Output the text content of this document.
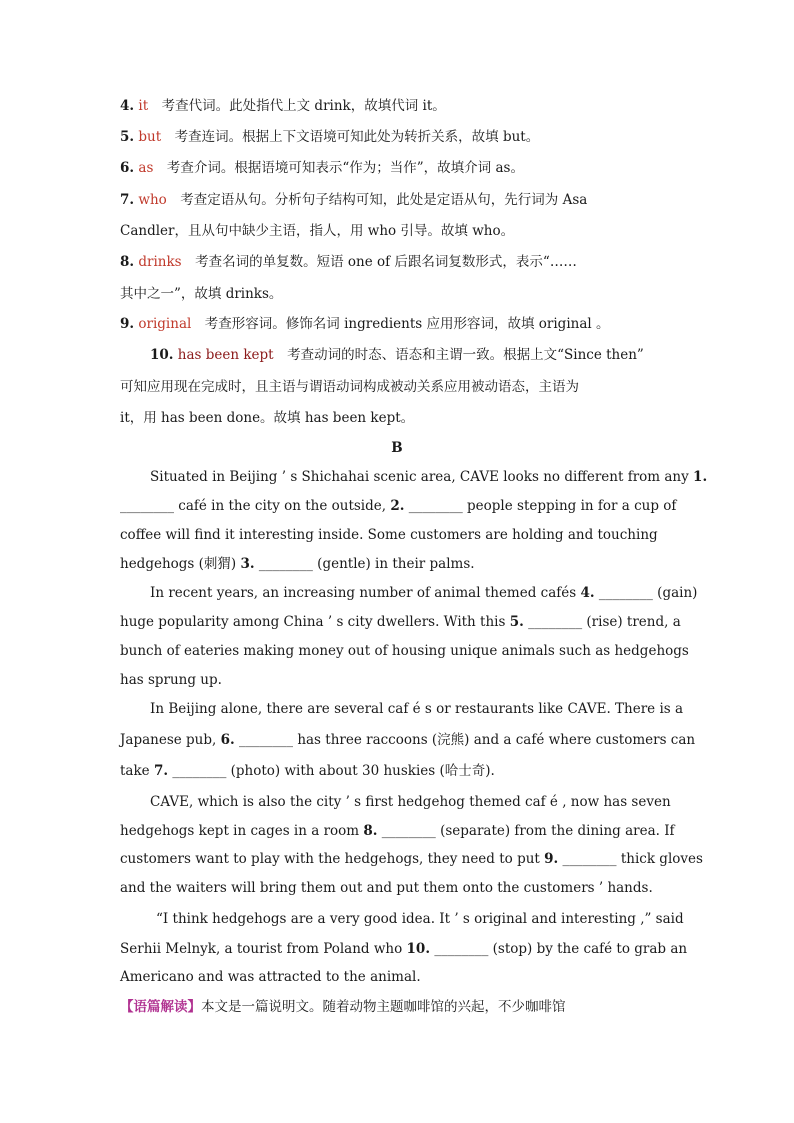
4. it　考查代词。此处指代上文 drink，故填代词 it。
5. but　考查连词。根据上下文语境可知此处为转折关系，故填 but。
6. as　考查介词。根据语境可知表示“作为；当作”，故填介词 as。
7. who　考查定语从句。分析句子结构可知，此处是定语从句，先行词为 Asa
Candler，且从句中缺少主语，指人，用 who 引导。故填 who。
8. drinks　考查名词的单复数。短语 one of 后跟名词复数形式，表示“……
其中之一”，故填 drinks。
9. original　考查形容词。修饰名词 ingredients 应用形容词，故填 original 。
10. has been kept　考查动词的时态、语态和主谓一致。根据上文“Since then”
可知应用现在完成时，且主语与谓语动词构成被动关系应用被动语态，主语为
it，用 has been done。故填 has been kept。
B
Situated in Beijing ’ s Shichahai scenic area, CAVE looks no different from any 1.
________ café in the city on the outside, 2. ________ people stepping in for a cup of
coffee will find it interesting inside. Some customers are holding and touching
hedgehogs (刺猬) 3. ________ (gentle) in their palms.
In recent years, an increasing number of animal themed cafés 4. ________ (gain)
huge popularity among China ’ s city dwellers. With this 5. ________ (rise) trend, a
bunch of eateries making money out of housing unique animals such as hedgehogs
has sprung up.
In Beijing alone, there are several caf é s or restaurants like CAVE. There is a
Japanese pub, 6. ________ has three raccoons (浣熊) and a café where customers can
take 7. ________ (photo) with about 30 huskies (哈士奇).
CAVE, which is also the city ’ s first hedgehog themed caf é , now has seven
hedgehogs kept in cages in a room 8. ________ (separate) from the dining area. If
customers want to play with the hedgehogs, they need to put 9. ________ thick gloves
and the waiters will bring them out and put them onto the customers ’ hands.
“I think hedgehogs are a very good idea. It ’ s original and interesting ,” said
Serhii Melnyk, a tourist from Poland who 10. ________ (stop) by the café to grab an
Americano and was attracted to the animal.
【语篇解读】本文是一篇说明文。随着动物主题咖啡馆的兴起，不少咖啡馆
